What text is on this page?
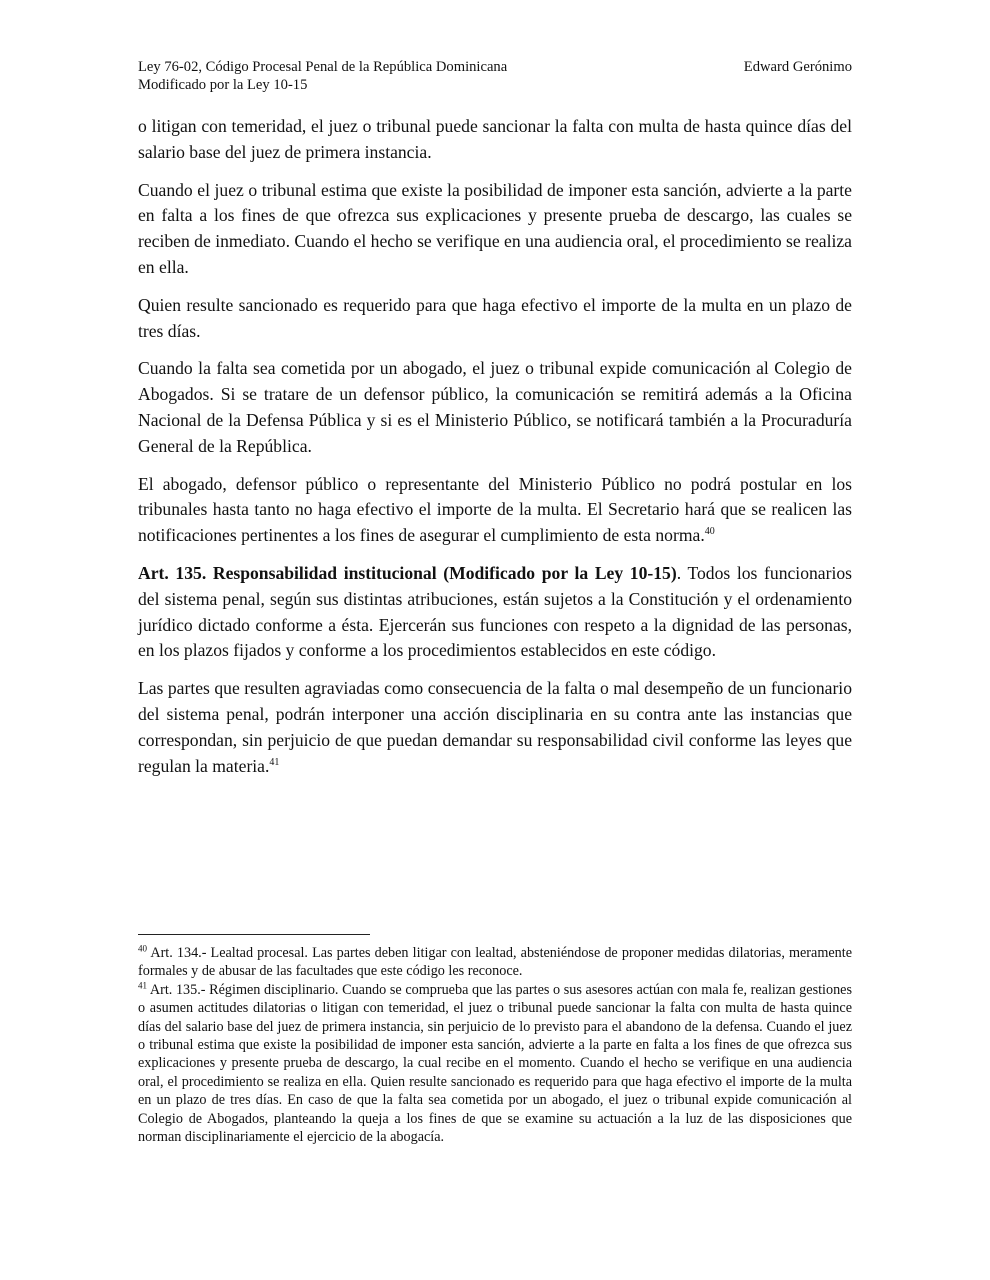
Ley 76-02, Código Procesal Penal de la República Dominicana	Edward Gerónimo
Modificado por la Ley 10-15

o litigan con temeridad, el juez o tribunal puede sancionar la falta con multa de hasta quince días del salario base del juez de primera instancia.

Cuando el juez o tribunal estima que existe la posibilidad de imponer esta sanción, advierte a la parte en falta a los fines de que ofrezca sus explicaciones y presente prueba de descargo, las cuales se reciben de inmediato. Cuando el hecho se verifique en una audiencia oral, el procedimiento se realiza en ella.

Quien resulte sancionado es requerido para que haga efectivo el importe de la multa en un plazo de tres días.

Cuando la falta sea cometida por un abogado, el juez o tribunal expide comunicación al Colegio de Abogados. Si se tratare de un defensor público, la comunicación se remitirá además a la Oficina Nacional de la Defensa Pública y si es el Ministerio Público, se notificará también a la Procuraduría General de la República.

El abogado, defensor público o representante del Ministerio Público no podrá postular en los tribunales hasta tanto no haga efectivo el importe de la multa. El Secretario hará que se realicen las notificaciones pertinentes a los fines de asegurar el cumplimiento de esta norma.$^{40}$

Art. 135. Responsabilidad institucional (Modificado por la Ley 10-15). Todos los funcionarios del sistema penal, según sus distintas atribuciones, están sujetos a la Constitución y el ordenamiento jurídico dictado conforme a ésta. Ejercerán sus funciones con respeto a la dignidad de las personas, en los plazos fijados y conforme a los procedimientos establecidos en este código.

Las partes que resulten agraviadas como consecuencia de la falta o mal desempeño de un funcionario del sistema penal, podrán interponer una acción disciplinaria en su contra ante las instancias que correspondan, sin perjuicio de que puedan demandar su responsabilidad civil conforme las leyes que regulan la materia.$^{41}$

$^{40}$ Art. 134.- Lealtad procesal. Las partes deben litigar con lealtad, absteniéndose de proponer medidas dilatorias, meramente formales y de abusar de las facultades que este código les reconoce.

$^{41}$ Art. 135.- Régimen disciplinario. Cuando se comprueba que las partes o sus asesores actúan con mala fe, realizan gestiones o asumen actitudes dilatorias o litigan con temeridad, el juez o tribunal puede sancionar la falta con multa de hasta quince días del salario base del juez de primera instancia, sin perjuicio de lo previsto para el abandono de la defensa. Cuando el juez o tribunal estima que existe la posibilidad de imponer esta sanción, advierte a la parte en falta a los fines de que ofrezca sus explicaciones y presente prueba de descargo, la cual recibe en el momento. Cuando el hecho se verifique en una audiencia oral, el procedimiento se realiza en ella. Quien resulte sancionado es requerido para que haga efectivo el importe de la multa en un plazo de tres días. En caso de que la falta sea cometida por un abogado, el juez o tribunal expide comunicación al Colegio de Abogados, planteando la queja a los fines de que se examine su actuación a la luz de las disposiciones que norman disciplinariamente el ejercicio de la abogacía.
